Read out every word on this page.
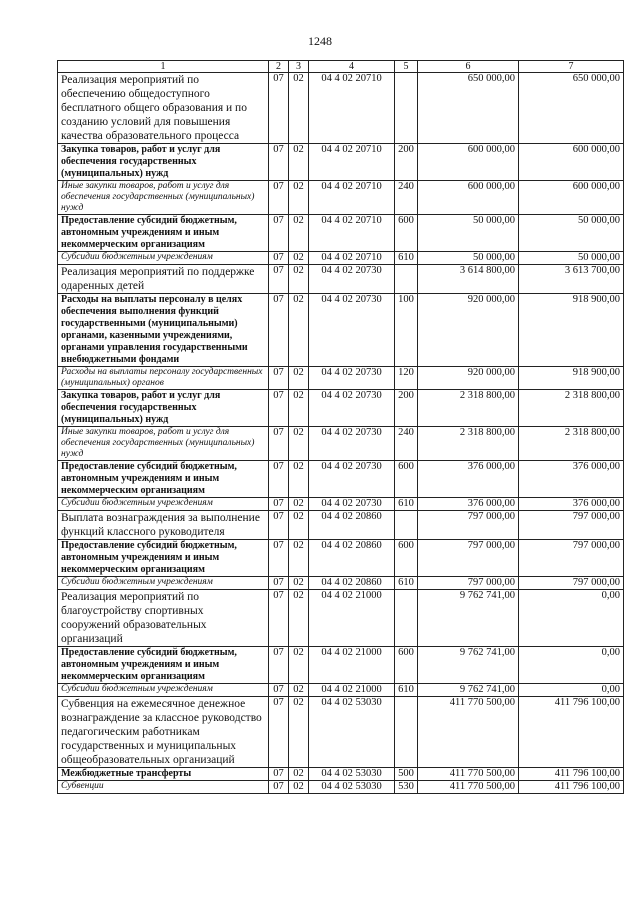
1248
1	2	3	4	5	6	7
Реализация мероприятий по обеспечению общедоступного бесплатного общего образования и по созданию условий для повышения качества образовательного процесса	07	02	04 4 02 20710		650 000,00	650 000,00
Закупка товаров, работ и услуг для обеспечения государственных (муниципальных) нужд	07	02	04 4 02 20710	200	600 000,00	600 000,00
Иные закупки товаров, работ и услуг для обеспечения государственных (муниципальных) нужд	07	02	04 4 02 20710	240	600 000,00	600 000,00
Предоставление субсидий бюджетным, автономным учреждениям и иным некоммерческим организациям	07	02	04 4 02 20710	600	50 000,00	50 000,00
Субсидии бюджетным учреждениям	07	02	04 4 02 20710	610	50 000,00	50 000,00
Реализация мероприятий по поддержке одаренных детей	07	02	04 4 02 20730		3 614 800,00	3 613 700,00
Расходы на выплаты персоналу в целях обеспечения выполнения функций государственными (муниципальными) органами, казенными учреждениями, органами управления государственными внебюджетными фондами	07	02	04 4 02 20730	100	920 000,00	918 900,00
Расходы на выплаты персоналу государственных (муниципальных) органов	07	02	04 4 02 20730	120	920 000,00	918 900,00
Закупка товаров, работ и услуг для обеспечения государственных (муниципальных) нужд	07	02	04 4 02 20730	200	2 318 800,00	2 318 800,00
Иные закупки товаров, работ и услуг для обеспечения государственных (муниципальных) нужд	07	02	04 4 02 20730	240	2 318 800,00	2 318 800,00
Предоставление субсидий бюджетным, автономным учреждениям и иным некоммерческим организациям	07	02	04 4 02 20730	600	376 000,00	376 000,00
Субсидии бюджетным учреждениям	07	02	04 4 02 20730	610	376 000,00	376 000,00
Выплата вознаграждения за выполнение функций классного руководителя	07	02	04 4 02 20860		797 000,00	797 000,00
Предоставление субсидий бюджетным, автономным учреждениям и иным некоммерческим организациям	07	02	04 4 02 20860	600	797 000,00	797 000,00
Субсидии бюджетным учреждениям	07	02	04 4 02 20860	610	797 000,00	797 000,00
Реализация мероприятий по благоустройству спортивных сооружений образовательных организаций	07	02	04 4 02 21000		9 762 741,00	0,00
Предоставление субсидий бюджетным, автономным учреждениям и иным некоммерческим организациям	07	02	04 4 02 21000	600	9 762 741,00	0,00
Субсидии бюджетным учреждениям	07	02	04 4 02 21000	610	9 762 741,00	0,00
Субвенция на ежемесячное денежное вознаграждение за классное руководство педагогическим работникам государственных и муниципальных общеобразовательных организаций	07	02	04 4 02 53030		411 770 500,00	411 796 100,00
Межбюджетные трансферты	07	02	04 4 02 53030	500	411 770 500,00	411 796 100,00
Субвенции	07	02	04 4 02 53030	530	411 770 500,00	411 796 100,00
